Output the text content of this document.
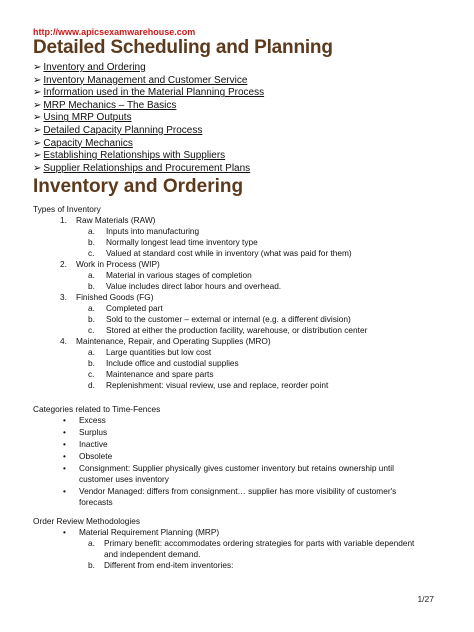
http://www.apicsexamwarehouse.com
Detailed Scheduling and Planning
➢ Inventory and Ordering
➢ Inventory Management and Customer Service
➢ Information used in the Material Planning Process
➢ MRP Mechanics – The Basics
➢ Using MRP Outputs
➢ Detailed Capacity Planning Process
➢ Capacity Mechanics
➢ Establishing Relationships with Suppliers
➢ Supplier Relationships and Procurement Plans
Inventory and Ordering
Types of Inventory
1. Raw Materials (RAW)
a. Inputs into manufacturing
b. Normally longest lead time inventory type
c. Valued at standard cost while in inventory (what was paid for them)
2. Work in Process (WIP)
a. Material in various stages of completion
b. Value includes direct labor hours and overhead.
3. Finished Goods (FG)
a. Completed part
b. Sold to the customer – external or internal (e.g. a different division)
c. Stored at either the production facility, warehouse, or distribution center
4. Maintenance, Repair, and Operating Supplies (MRO)
a. Large quantities but low cost
b. Include office and custodial supplies
c. Maintenance and spare parts
d. Replenishment: visual review, use and replace, reorder point
Categories related to Time-Fences
• Excess
• Surplus
• Inactive
• Obsolete
• Consignment: Supplier physically gives customer inventory but retains ownership until
customer uses inventory
• Vendor Managed: differs from consignment… supplier has more visibility of customer's
forecasts
Order Review Methodologies
• Material Requirement Planning (MRP)
a. Primary benefit: accommodates ordering strategies for parts with variable dependent
and independent demand.
b. Different from end-item inventories:
1/27
